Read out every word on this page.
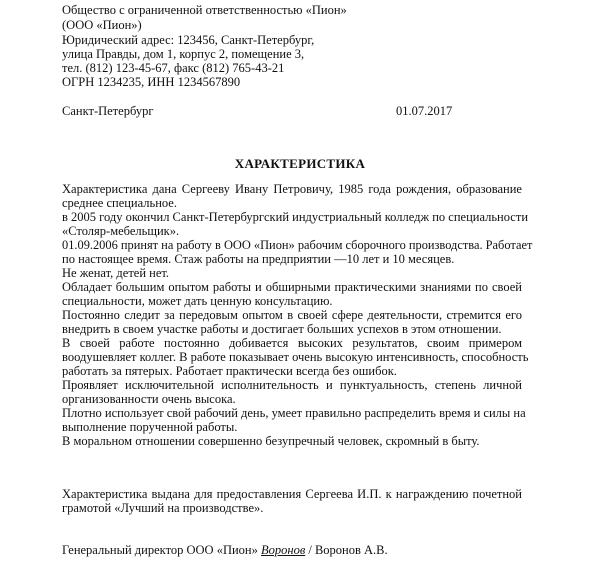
Общество с ограниченной ответственностью «Пион»
(ООО «Пион»)
Юридический адрес: 123456, Санкт-Петербург,
улица Правды, дом 1, корпус 2, помещение 3,
тел. (812) 123-45-67, факс (812) 765-43-21
ОГРН 1234235, ИНН 1234567890
Санкт-Петербург	01.07.2017
ХАРАКТЕРИСТИКА
Характеристика дана Сергееву Ивану Петровичу, 1985 года рождения, образование
среднее специальное.
в 2005 году окончил Санкт-Петербургский индустриальный колледж по специальности
«Столяр-мебельщик».
01.09.2006 принят на работу в ООО «Пион» рабочим сборочного производства. Работает
по настоящее время. Стаж работы на предприятии —10 лет и 10 месяцев.
Не женат, детей нет.
Обладает большим опытом работы и обширными практическими знаниями по своей
специальности, может дать ценную консультацию.
Постоянно следит за передовым опытом в своей сфере деятельности, стремится его
внедрить в своем участке работы и достигает больших успехов в этом отношении.
В своей работе постоянно добивается высоких результатов, своим примером
воодушевляет коллег. В работе показывает очень высокую интенсивность, способность
работать за пятерых. Работает практически всегда без ошибок.
Проявляет исключительной исполнительность и пунктуальность, степень личной
организованности очень высока.
Плотно использует свой рабочий день, умеет правильно распределить время и силы на
выполнение порученной работы.
В моральном отношении совершенно безупречный человек, скромный в быту.
Характеристика выдана для предоставления Сергеева И.П. к награждению почетной
грамотой «Лучший на производстве».
Генеральный директор ООО «Пион» Воронов / Воронов А.В.
